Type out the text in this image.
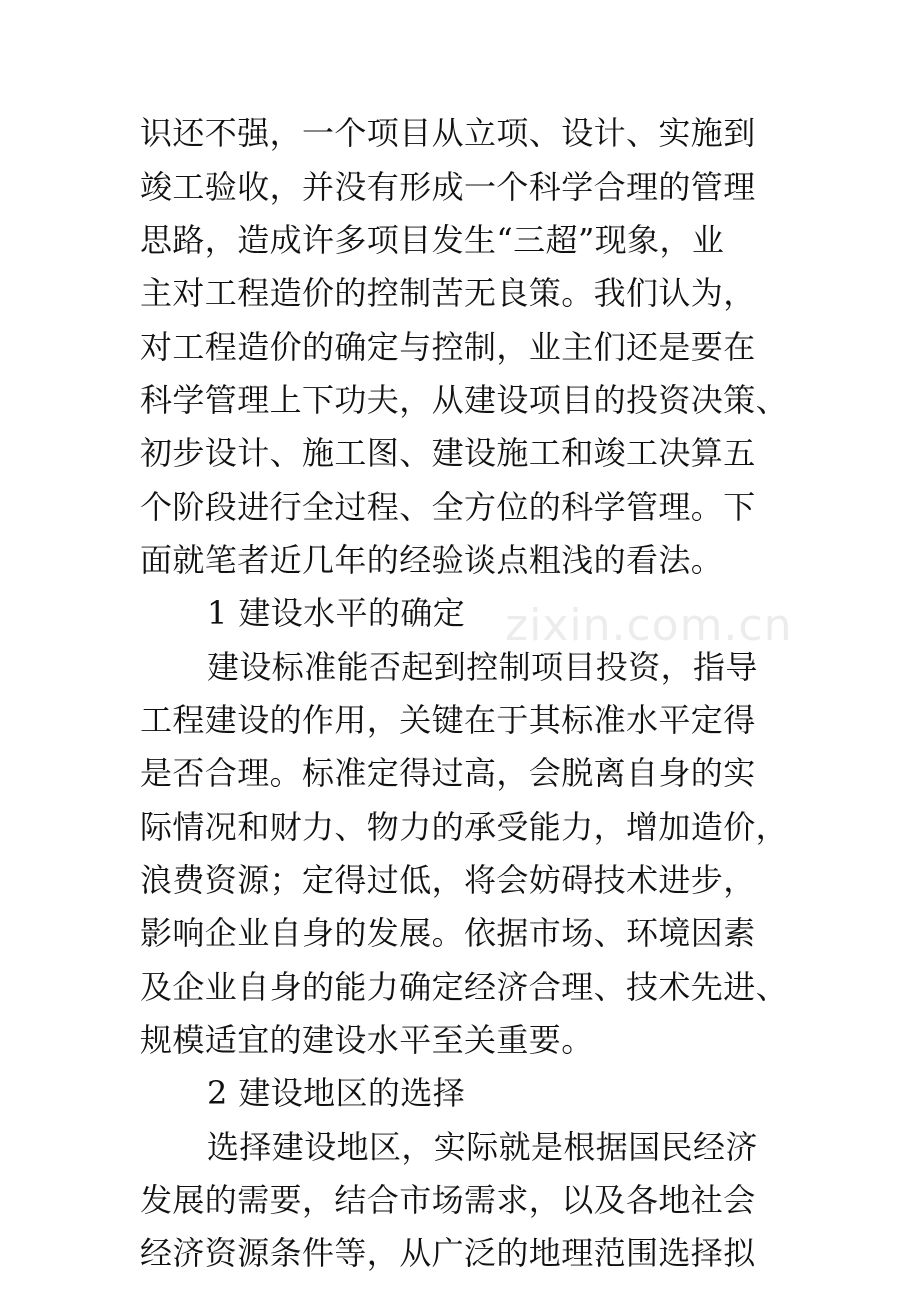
zixin.com.cn
识还不强，一个项目从立项、设计、实施到
竣工验收，并没有形成一个科学合理的管理
思路，造成许多项目发生“三超”现象，业
主对工程造价的控制苦无良策。我们认为，
对工程造价的确定与控制，业主们还是要在
科学管理上下功夫，从建设项目的投资决策、
初步设计、施工图、建设施工和竣工决算五
个阶段进行全过程、全方位的科学管理。下
面就笔者近几年的经验谈点粗浅的看法。
1 建设水平的确定
建设标准能否起到控制项目投资，指导
工程建设的作用，关键在于其标准水平定得
是否合理。标准定得过高，会脱离自身的实
际情况和财力、物力的承受能力，增加造价，
浪费资源；定得过低，将会妨碍技术进步，
影响企业自身的发展。依据市场、环境因素
及企业自身的能力确定经济合理、技术先进、
规模适宜的建设水平至关重要。
2 建设地区的选择
选择建设地区，实际就是根据国民经济
发展的需要，结合市场需求，以及各地社会
经济资源条件等，从广泛的地理范围选择拟
